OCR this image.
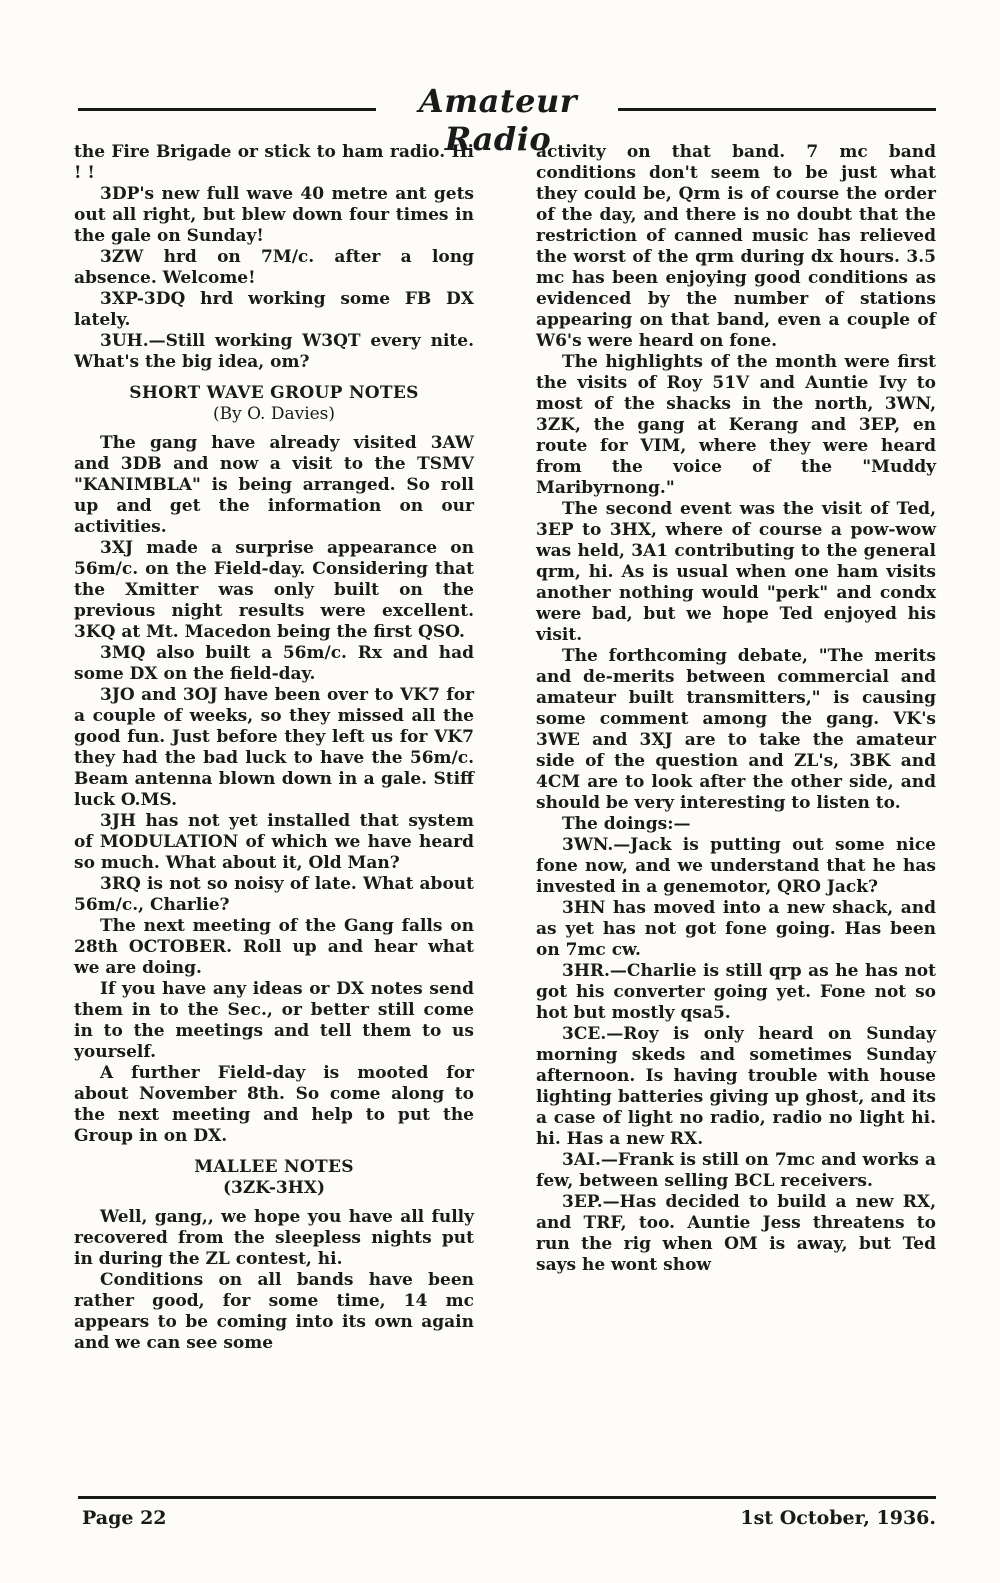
Amateur Radio

the Fire Brigade or stick to ham radio. Hi ! !

3DP's new full wave 40 metre ant gets out all right, but blew down four times in the gale on Sunday!

3ZW hrd on 7M/c. after a long absence. Welcome!

3XP-3DQ hrd working some FB DX lately.

3UH.—Still working W3QT every nite. What's the big idea, om?

SHORT WAVE GROUP NOTES

(By O. Davies)

The gang have already visited 3AW and 3DB and now a visit to the TSMV "KANIMBLA" is being arranged. So roll up and get the information on our activities.

3XJ made a surprise appearance on 56m/c. on the Field-day. Considering that the Xmitter was only built on the previous night results were excellent. 3KQ at Mt. Macedon being the first QSO.

3MQ also built a 56m/c. Rx and had some DX on the field-day.

3JO and 3OJ have been over to VK7 for a couple of weeks, so they missed all the good fun. Just before they left us for VK7 they had the bad luck to have the 56m/c. Beam antenna blown down in a gale. Stiff luck O.MS.

3JH has not yet installed that system of MODULATION of which we have heard so much. What about it, Old Man?

3RQ is not so noisy of late. What about 56m/c., Charlie?

The next meeting of the Gang falls on 28th OCTOBER. Roll up and hear what we are doing.

If you have any ideas or DX notes send them in to the Sec., or better still come in to the meetings and tell them to us yourself.

A further Field-day is mooted for about November 8th. So come along to the next meeting and help to put the Group in on DX.

MALLEE NOTES

(3ZK-3HX)

Well, gang,, we hope you have all fully recovered from the sleepless nights put in during the ZL contest, hi.

Conditions on all bands have been rather good, for some time, 14 mc appears to be coming into its own again and we can see some

activity on that band. 7 mc band conditions don't seem to be just what they could be, Qrm is of course the order of the day, and there is no doubt that the restriction of canned music has relieved the worst of the qrm during dx hours. 3.5 mc has been enjoying good conditions as evidenced by the number of stations appearing on that band, even a couple of W6's were heard on fone.

The highlights of the month were first the visits of Roy 51V and Auntie Ivy to most of the shacks in the north, 3WN, 3ZK, the gang at Kerang and 3EP, en route for VIM, where they were heard from the voice of the "Muddy Maribyrnong."

The second event was the visit of Ted, 3EP to 3HX, where of course a pow-wow was held, 3A1 contributing to the general qrm, hi. As is usual when one ham visits another nothing would "perk" and condx were bad, but we hope Ted enjoyed his visit.

The forthcoming debate, "The merits and de-merits between commercial and amateur built transmitters," is causing some comment among the gang. VK's 3WE and 3XJ are to take the amateur side of the question and ZL's, 3BK and 4CM are to look after the other side, and should be very interesting to listen to.

The doings:—

3WN.—Jack is putting out some nice fone now, and we understand that he has invested in a genemotor, QRO Jack?

3HN has moved into a new shack, and as yet has not got fone going. Has been on 7mc cw.

3HR.—Charlie is still qrp as he has not got his converter going yet. Fone not so hot but mostly qsa5.

3CE.—Roy is only heard on Sunday morning skeds and sometimes Sunday afternoon. Is having trouble with house lighting batteries giving up ghost, and its a case of light no radio, radio no light hi. hi. Has a new RX.

3AI.—Frank is still on 7mc and works a few, between selling BCL receivers.

3EP.—Has decided to build a new RX, and TRF, too. Auntie Jess threatens to run the rig when OM is away, but Ted says he wont show

Page 22	1st October, 1936.
